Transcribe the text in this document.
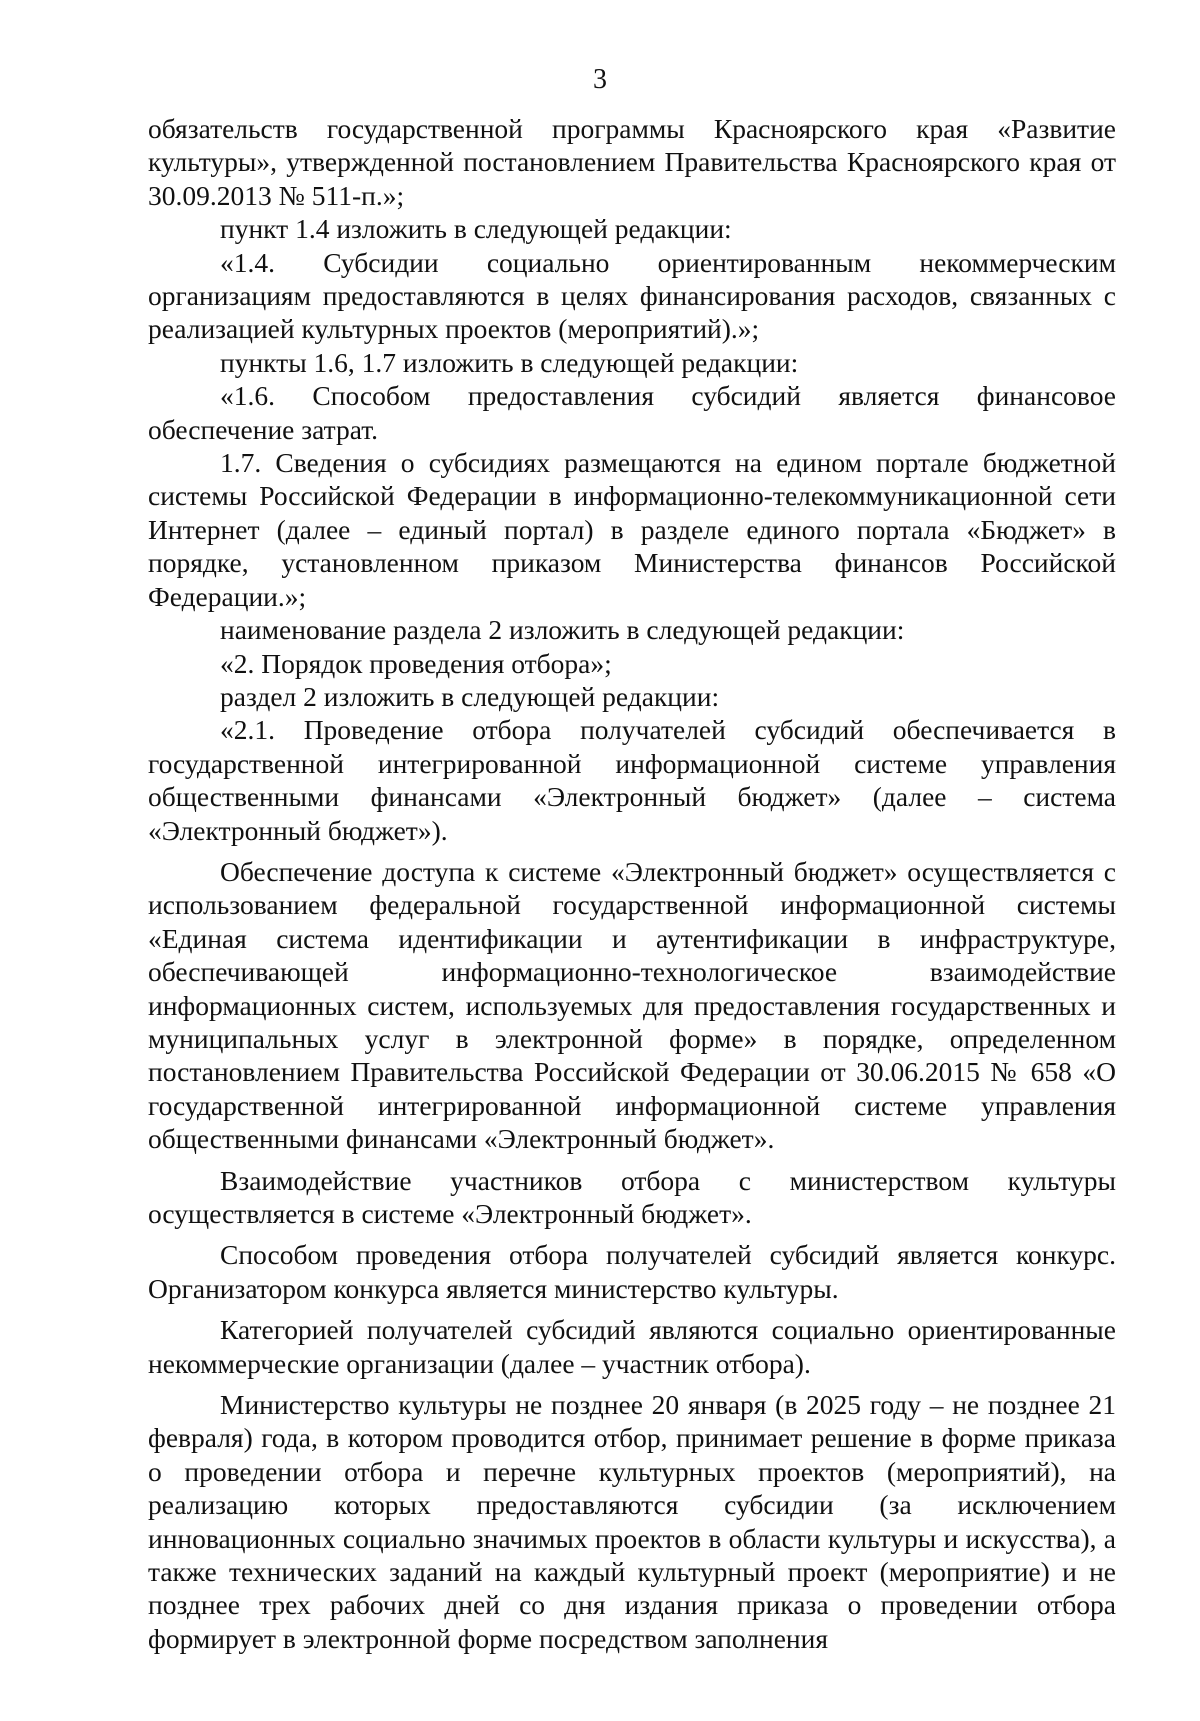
3

обязательств государственной программы Красноярского края «Развитие культуры», утвержденной постановлением Правительства Красноярского края от 30.09.2013 № 511-п.»;

пункт 1.4 изложить в следующей редакции:

«1.4. Субсидии социально ориентированным некоммерческим организациям предоставляются в целях финансирования расходов, связанных с реализацией культурных проектов (мероприятий).»;

пункты 1.6, 1.7 изложить в следующей редакции:

«1.6. Способом предоставления субсидий является финансовое обеспечение затрат.

1.7. Сведения о субсидиях размещаются на едином портале бюджетной системы Российской Федерации в информационно-телекоммуникационной сети Интернет (далее – единый портал) в разделе единого портала «Бюджет» в порядке, установленном приказом Министерства финансов Российской Федерации.»;

наименование раздела 2 изложить в следующей редакции:

«2. Порядок проведения отбора»;

раздел 2 изложить в следующей редакции:

«2.1. Проведение отбора получателей субсидий обеспечивается в государственной интегрированной информационной системе управления общественными финансами «Электронный бюджет» (далее – система «Электронный бюджет»).

Обеспечение доступа к системе «Электронный бюджет» осуществляется с использованием федеральной государственной информационной системы «Единая система идентификации и аутентификации в инфраструктуре, обеспечивающей информационно-технологическое взаимодействие информационных систем, используемых для предоставления государственных и муниципальных услуг в электронной форме» в порядке, определенном постановлением Правительства Российской Федерации от 30.06.2015 № 658 «О государственной интегрированной информационной системе управления общественными финансами «Электронный бюджет».

Взаимодействие участников отбора с министерством культуры осуществляется в системе «Электронный бюджет».

Способом проведения отбора получателей субсидий является конкурс. Организатором конкурса является министерство культуры.

Категорией получателей субсидий являются социально ориентированные некоммерческие организации (далее – участник отбора).

Министерство культуры не позднее 20 января (в 2025 году – не позднее 21 февраля) года, в котором проводится отбор, принимает решение в форме приказа о проведении отбора и перечне культурных проектов (мероприятий), на реализацию которых предоставляются субсидии (за исключением инновационных социально значимых проектов в области культуры и искусства), а также технических заданий на каждый культурный проект (мероприятие) и не позднее трех рабочих дней со дня издания приказа о проведении отбора формирует в электронной форме посредством заполнения
